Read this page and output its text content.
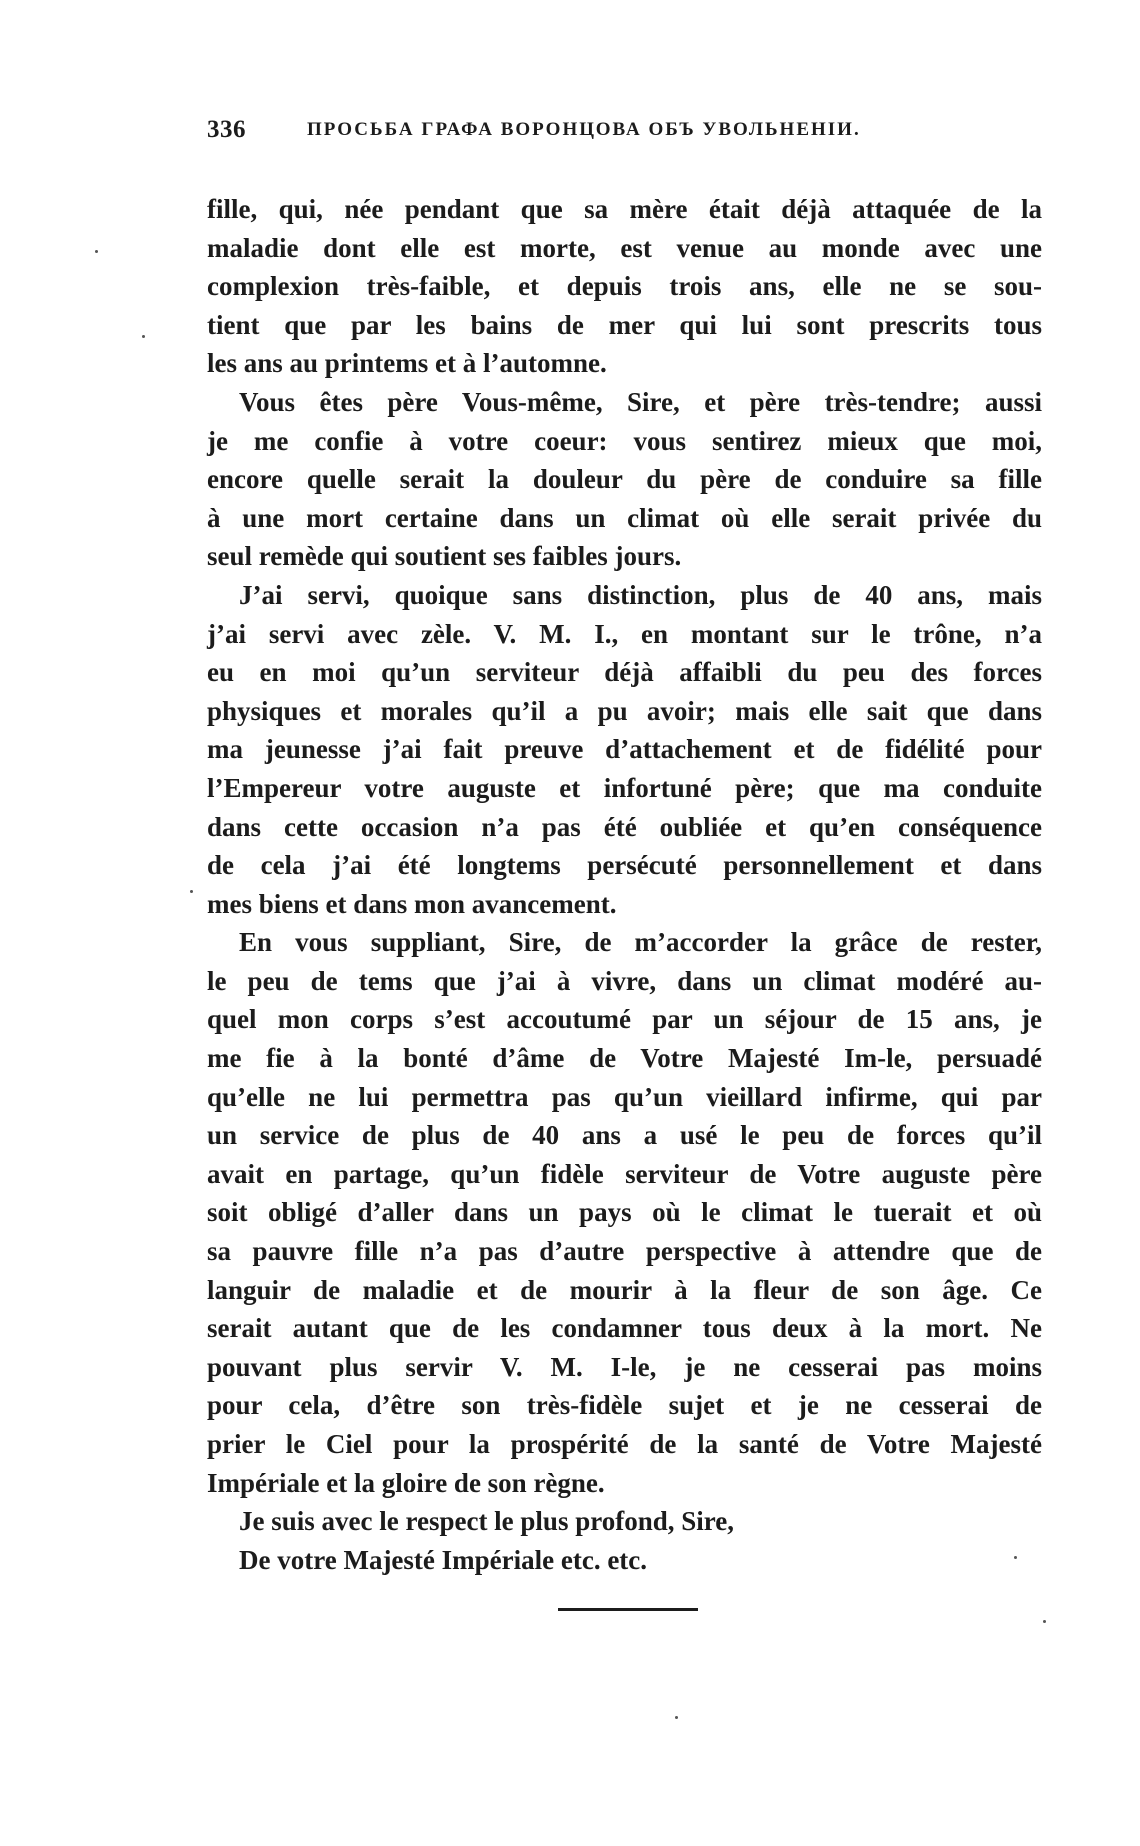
336	ПРОСЬБА ГРАФА ВОРОНЦОВА ОБЪ УВОЛЬНЕНІИ.
fille, qui, née pendant que sa mère était déjà attaquée de la
maladie dont elle est morte, est venue au monde avec une
complexion très-faible, et depuis trois ans, elle ne se sou-
tient que par les bains de mer qui lui sont prescrits tous
les ans au printems et à l’automne.
Vous êtes père Vous-même, Sire, et père très-tendre; aussi
je me confie à votre coeur: vous sentirez mieux que moi,
encore quelle serait la douleur du père de conduire sa fille
à une mort certaine dans un climat où elle serait privée du
seul remède qui soutient ses faibles jours.
J’ai servi, quoique sans distinction, plus de 40 ans, mais
j’ai servi avec zèle. V. M. I., en montant sur le trône, n’a
eu en moi qu’un serviteur déjà affaibli du peu des forces
physiques et morales qu’il a pu avoir; mais elle sait que dans
ma jeunesse j’ai fait preuve d’attachement et de fidélité pour
l’Empereur votre auguste et infortuné père; que ma conduite
dans cette occasion n’a pas été oubliée et qu’en conséquence
de cela j’ai été longtems persécuté personnellement et dans
mes biens et dans mon avancement.
En vous suppliant, Sire, de m’accorder la grâce de rester,
le peu de tems que j’ai à vivre, dans un climat modéré au-
quel mon corps s’est accoutumé par un séjour de 15 ans, je
me fie à la bonté d’âme de Votre Majesté Im-le, persuadé
qu’elle ne lui permettra pas qu’un vieillard infirme, qui par
un service de plus de 40 ans a usé le peu de forces qu’il
avait en partage, qu’un fidèle serviteur de Votre auguste père
soit obligé d’aller dans un pays où le climat le tuerait et où
sa pauvre fille n’a pas d’autre perspective à attendre que de
languir de maladie et de mourir à la fleur de son âge. Ce
serait autant que de les condamner tous deux à la mort. Ne
pouvant plus servir V. M. I-le, je ne cesserai pas moins
pour cela, d’être son très-fidèle sujet et je ne cesserai de
prier le Ciel pour la prospérité de la santé de Votre Majesté
Impériale et la gloire de son règne.
Je suis avec le respect le plus profond, Sire,
De votre Majesté Impériale etc. etc.
